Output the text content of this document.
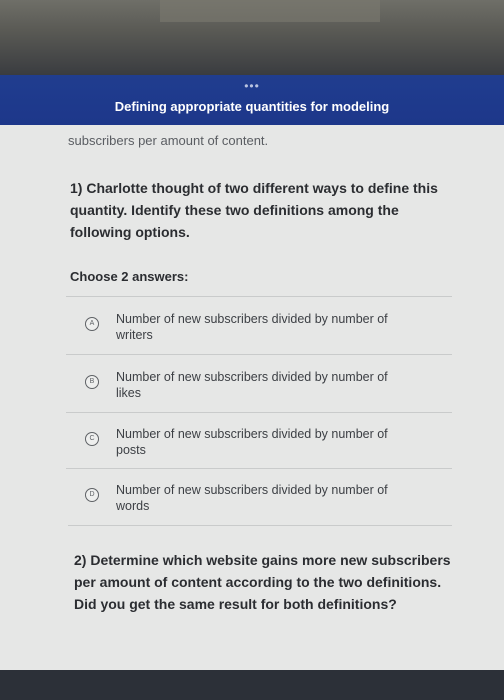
•••
Defining appropriate quantities for modeling
subscribers per amount of content.
1) Charlotte thought of two different ways to define this quantity. Identify these two definitions among the following options.
Choose 2 answers:
A	Number of new subscribers divided by number of writers
B	Number of new subscribers divided by number of likes
C	Number of new subscribers divided by number of posts
D	Number of new subscribers divided by number of words
2) Determine which website gains more new subscribers per amount of content according to the two definitions. Did you get the same result for both definitions?
